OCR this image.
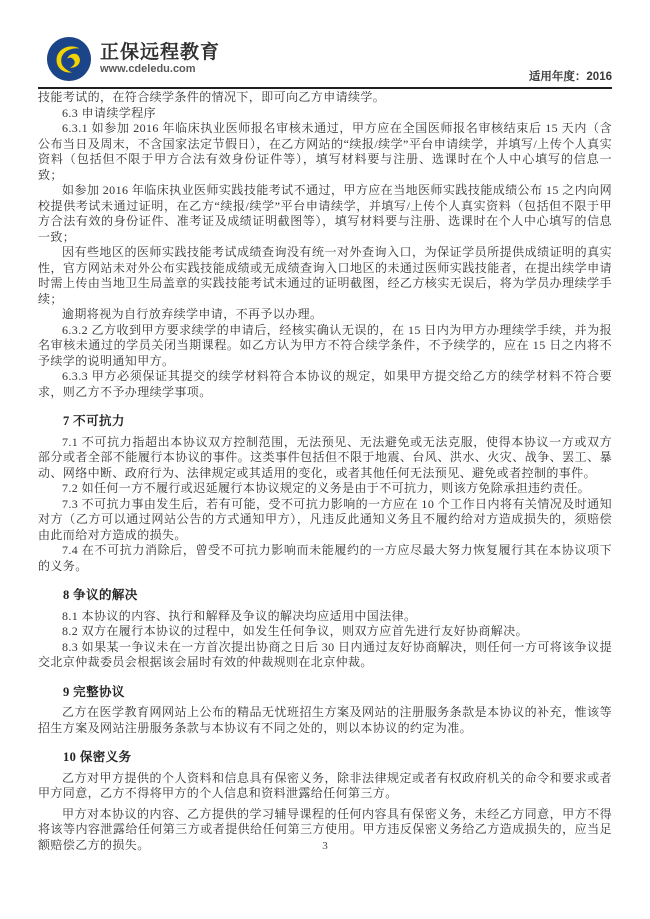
正保远程教育
www.cdeledu.com
适用年度：2016

技能考试的，在符合续学条件的情况下，即可向乙方申请续学。

6.3 申请续学程序

6.3.1 如参加 2016 年临床执业医师报名审核未通过，甲方应在全国医师报名审核结束后 15 天内（含公布当日及周末，不含国家法定节假日），在乙方网站的“续报/续学”平台申请续学，并填写/上传个人真实资料（包括但不限于甲方合法有效身份证件等），填写材料要与注册、选课时在个人中心填写的信息一致；

如参加 2016 年临床执业医师实践技能考试不通过，甲方应在当地医师实践技能成绩公布 15 之内向网校提供考试未通过证明，在乙方“续报/续学”平台申请续学，并填写/上传个人真实资料（包括但不限于甲方合法有效的身份证件、准考证及成绩证明截图等），填写材料要与注册、选课时在个人中心填写的信息一致；

因有些地区的医师实践技能考试成绩查询没有统一对外查询入口，为保证学员所提供成绩证明的真实性，官方网站未对外公布实践技能成绩或无成绩查询入口地区的未通过医师实践技能者，在提出续学申请时需上传由当地卫生局盖章的实践技能考试未通过的证明截图，经乙方核实无误后，将为学员办理续学手续；

逾期将视为自行放弃续学申请，不再予以办理。

6.3.2 乙方收到甲方要求续学的申请后，经核实确认无误的，在 15 日内为甲方办理续学手续，并为报名审核未通过的学员关闭当期课程。如乙方认为甲方不符合续学条件，不予续学的，应在 15 日之内将不予续学的说明通知甲方。

6.3.3 甲方必须保证其提交的续学材料符合本协议的规定，如果甲方提交给乙方的续学材料不符合要求，则乙方不予办理续学事项。

7 不可抗力

7.1 不可抗力指超出本协议双方控制范围，无法预见、无法避免或无法克服，使得本协议一方或双方部分或者全部不能履行本协议的事件。这类事件包括但不限于地震、台风、洪水、火灾、战争、罢工、暴动、网络中断、政府行为、法律规定或其适用的变化，或者其他任何无法预见、避免或者控制的事件。

7.2 如任何一方不履行或迟延履行本协议规定的义务是由于不可抗力，则该方免除承担违约责任。

7.3 不可抗力事由发生后，若有可能，受不可抗力影响的一方应在 10 个工作日内将有关情况及时通知对方（乙方可以通过网站公告的方式通知甲方），凡违反此通知义务且不履约给对方造成损失的，须赔偿由此而给对方造成的损失。

7.4 在不可抗力消除后，曾受不可抗力影响而未能履约的一方应尽最大努力恢复履行其在本协议项下的义务。

8 争议的解决

8.1 本协议的内容、执行和解释及争议的解决均应适用中国法律。

8.2 双方在履行本协议的过程中，如发生任何争议，则双方应首先进行友好协商解决。

8.3 如果某一争议未在一方首次提出协商之日后 30 日内通过友好协商解决，则任何一方可将该争议提交北京仲裁委员会根据该会届时有效的仲裁规则在北京仲裁。

9 完整协议

乙方在医学教育网网站上公布的精品无忧班招生方案及网站的注册服务条款是本协议的补充，惟该等招生方案及网站注册服务条款与本协议有不同之处的，则以本协议的约定为准。

10 保密义务

乙方对甲方提供的个人资料和信息具有保密义务，除非法律规定或者有权政府机关的命令和要求或者甲方同意，乙方不得将甲方的个人信息和资料泄露给任何第三方。

甲方对本协议的内容、乙方提供的学习辅导课程的任何内容具有保密义务，未经乙方同意，甲方不得将该等内容泄露给任何第三方或者提供给任何第三方使用。甲方违反保密义务给乙方造成损失的，应当足额赔偿乙方的损失。	3
